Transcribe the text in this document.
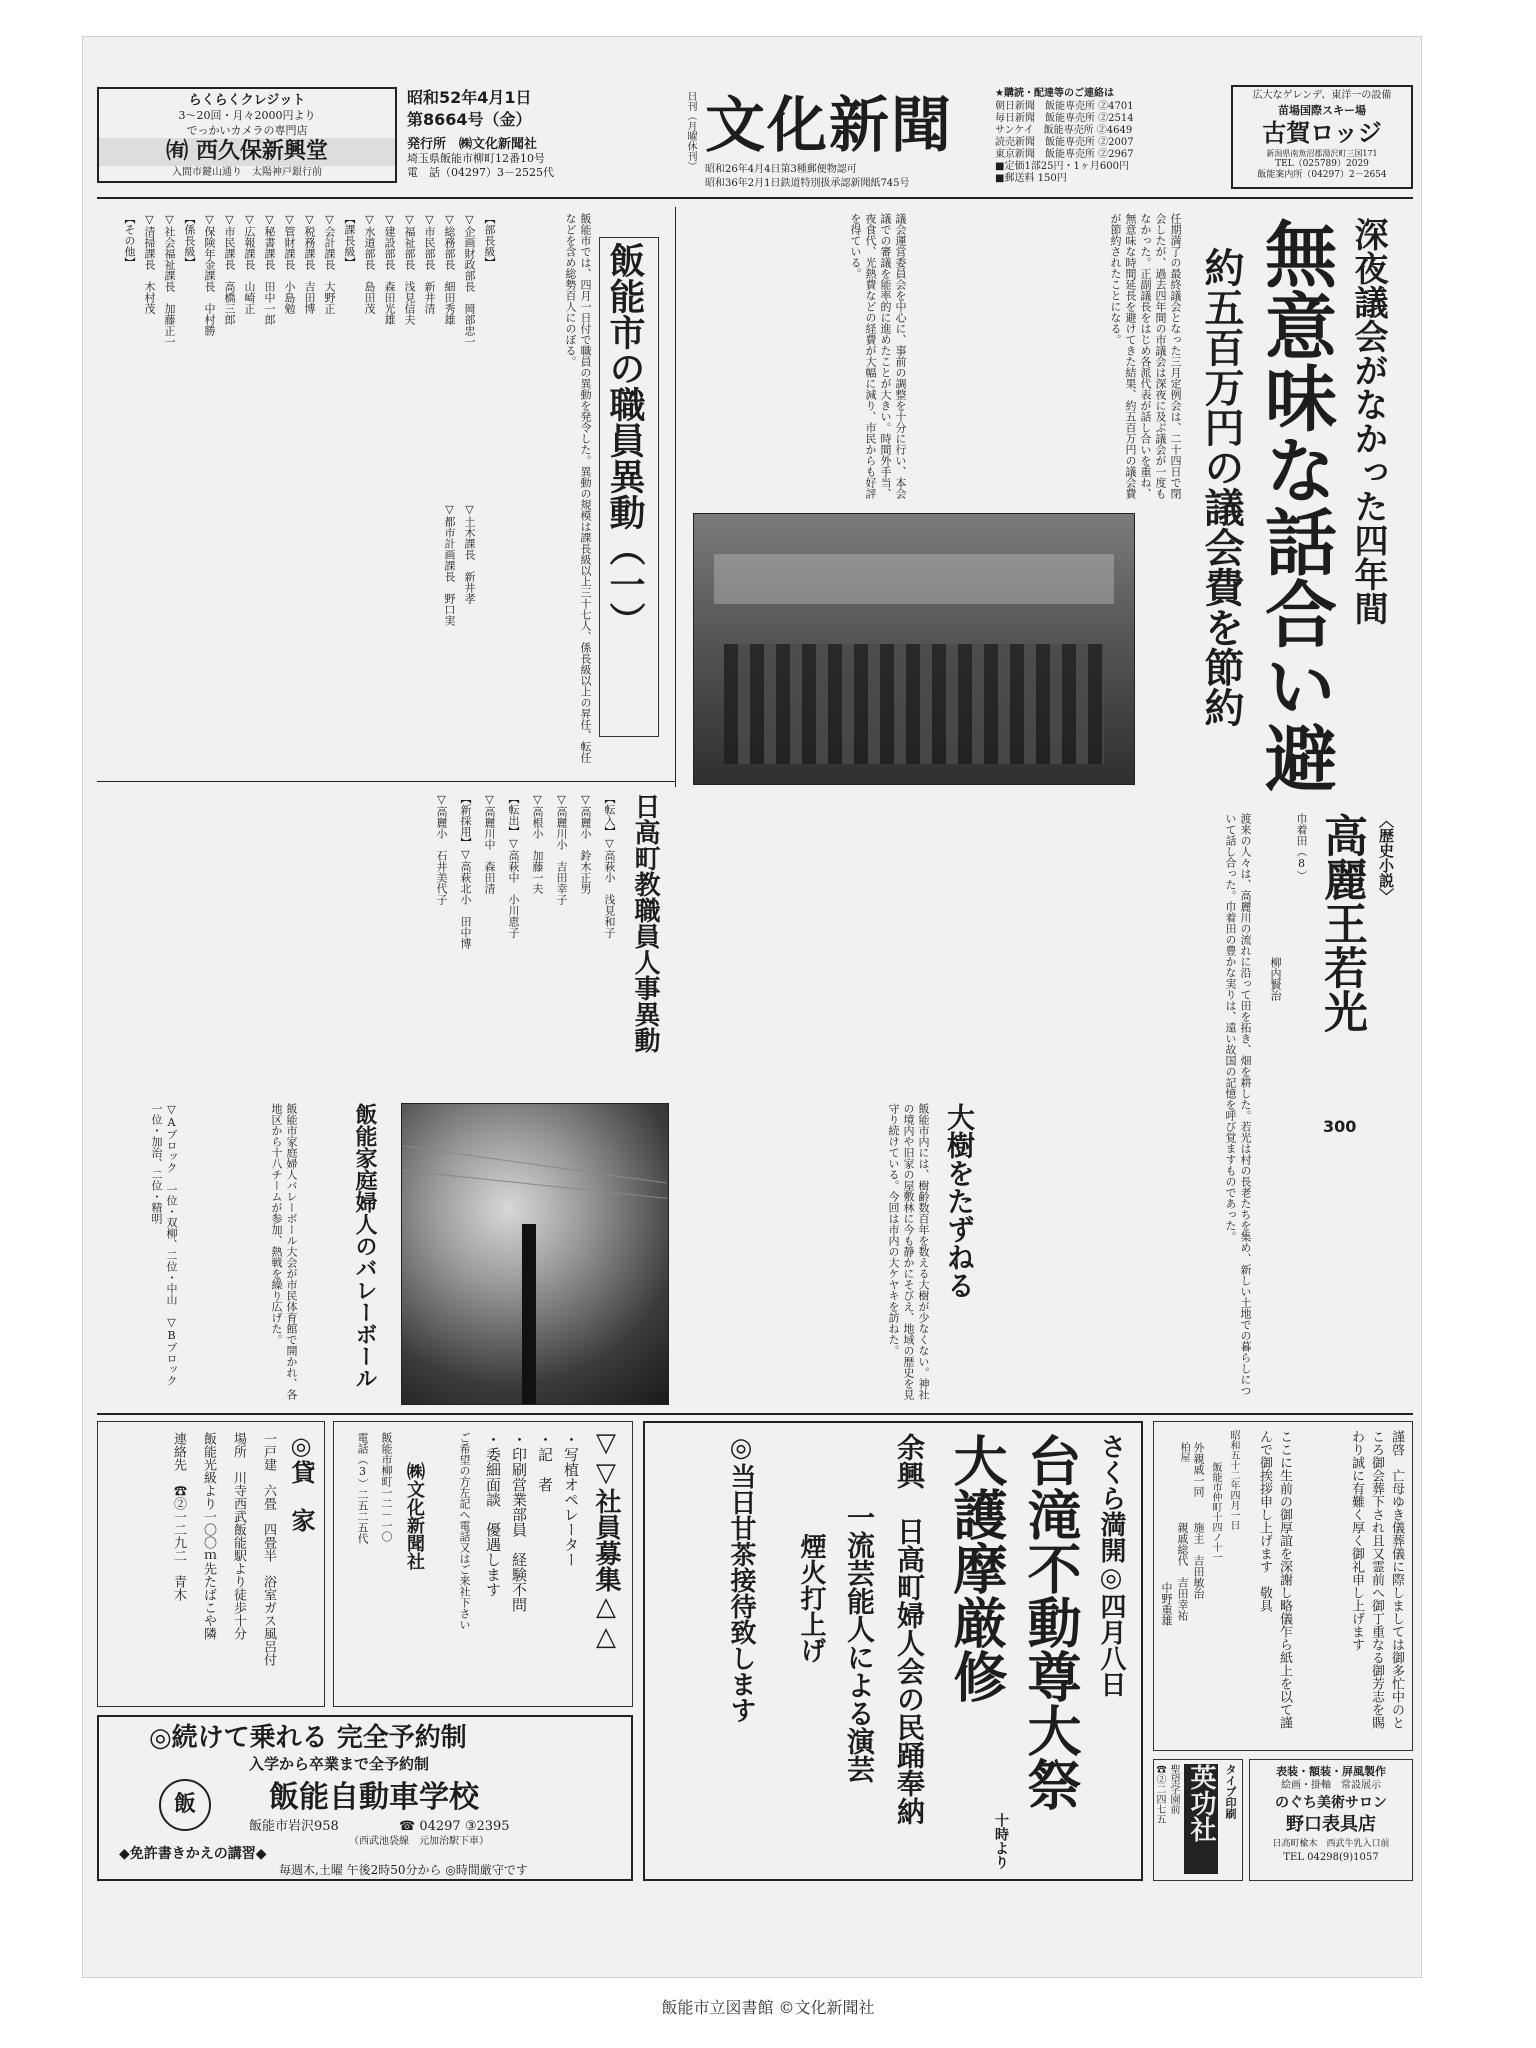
らくらくクレジット
3〜20回・月々2000円より
でっかいカメラの専門店
㈲ 西久保新興堂
入間市鍵山通り　太陽神戸銀行前
昭和52年4月1日
第8664号（金）
発行所　㈱文化新聞社
埼玉県飯能市柳町12番10号
電　話（04297）3－2525代
日刊（月曜休刊） 文化新聞
昭和26年4月4日第3種郵便物認可
昭和36年2月1日鉄道特別扱承認新聞紙745号
★購読・配達等のご連絡は
朝日新聞　飯能専売所 ②4701
毎日新聞　飯能専売所 ②2514
サンケイ　飯能専売所 ②4649
読売新聞　飯能専売所 ②2007
東京新聞　飯能専売所 ②2967
■定価1部25円・1ヶ月600円
■郵送料 150円
広大なゲレンデ、東洋一の設備
苗場国際スキー場
古賀ロッジ
新潟県南魚沼郡湯沢町三国171
TEL（025789）2029
飯能案内所（04297）2－2654
深夜議会がなかった四年間
無意味な話合い避
約五百万円の議会費を節約
任期満了の最終議会となった三月定例会は、二十四日で閉会したが、過去四年間の市議会は深夜に及ぶ議会が一度もなかった。正副議長をはじめ各派代表が話し合いを重ね、無意味な時間延長を避けてきた結果、約五百万円の議会費が節約されたことになる。
議会運営委員会を中心に、事前の調整を十分に行い、本会議での審議を能率的に進めたことが大きい。時間外手当、夜食代、光熱費などの経費が大幅に減り、市民からも好評を得ている。
飯能市の職員異動（一）
飯能市では、四月一日付で職員の異動を発令した。異動の規模は課長級以上三十七人、係長級以上の昇任、転任などを含め総勢百人にのぼる。
【部長級】
▽企画財政部長　岡部忠一
▽総務部長　細田秀雄
▽市民部長　新井清
▽福祉部長　浅見信夫
▽建設部長　森田光雄
▽水道部長　島田茂
【課長級】
▽会計課長　大野正
▽税務課長　吉田博
▽管財課長　小島勉
▽秘書課長　田中一郎
▽広報課長　山崎正
▽市民課長　高橋三郎
▽保険年金課長　中村勝
【係長級】
▽社会福祉課長　加藤正一
▽清掃課長　木村茂
【その他】
▽土木課長　新井孝
▽都市計画課長　野口実
日高町教職員人事異動
【転入】▽高萩小　浅見和子
▽高麗小　鈴木正男
▽高麗川小　吉田幸子
▽高根小　加藤一夫
【転出】▽高萩中　小川恵子
▽高麗川中　森田清
【新採用】▽高萩北小　田中博
▽高麗小　石井美代子
飯能家庭婦人のバレーボール
飯能市家庭婦人バレーボール大会が市民体育館で開かれ、各地区から十八チームが参加、熱戦を繰り広げた。
▽Aブロック　一位・双柳、二位・中山　▽Bブロック　一位・加治、二位・精明	大樹をたずねる
飯能市内には、樹齢数百年を数える大樹が少なくない。神社の境内や旧家の屋敷林に今も静かにそびえ、地域の歴史を見守り続けている。今回は市内の大ケヤキを訪ねた。
〈歴史小説〉
高麗王若光
300
巾着田（8）
柳内賢治
渡来の人々は、高麗川の流れに沿って田を拓き、畑を耕した。若光は村の長老たちを集め、新しい土地での暮らしについて話し合った。巾着田の豊かな実りは、遠い故国の記憶を呼び覚ますものであった。
謹啓　亡母ゆき儀葬儀に際しましては御多忙中のところ御会葬下され且又霊前へ御丁重なる御芳志を賜わり誠に有難く厚く御礼申し上げます
ここに生前の御厚誼を深謝し略儀乍ら紙上を以て謹んで御挨拶申し上げます　敬具
昭和五十二年四月一日
飯能市仲町十四ノ十一
施主　吉田敏治
親戚総代　吉田幸祐
中野重雄
外親戚一同
柏屋
さくら満開◎四月八日
台滝不動尊大祭
大護摩厳修
十時より
余興　日高町婦人会の民踊奉納
一流芸能人による演芸
煙火打上げ
◎当日甘茶接待致します
▽▽社員募集△△
・写植オペレーター
・記　者
・印刷営業部員　経験不問
・委細面談　優遇します
ご希望の方左記へ電話又はご来社下さい
㈱文化新聞社
飯能市柳町一二－一〇
電話（3）二五二五代
◎貸　家
一戸建　六畳　四畳半　浴室ガス風呂付
場所　川寺西武飯能駅より徒歩十分
飯能光級より一〇〇ｍ先たばこや隣
連絡先　☎②一二九二　青木
◎続けて乗れる 完全予約制
入学から卒業まで全予約制
飯	飯能自動車学校
飯能市岩沢958	☎ 04297 ③2395
（西武池袋線　元加治駅下車）
◆免許書きかえの講習◆
毎週木,土曜 午後2時50分から ◎時間厳守です
タイプ印刷
英功社
聖望学園前
☎②二四七五	表装・額装・屏風製作
絵画・掛軸　常設展示
のぐち美術サロン
野口表具店
日高町楡木　西武牛乳入口前
TEL 04298(9)1057
飯能市立図書館 ©文化新聞社
